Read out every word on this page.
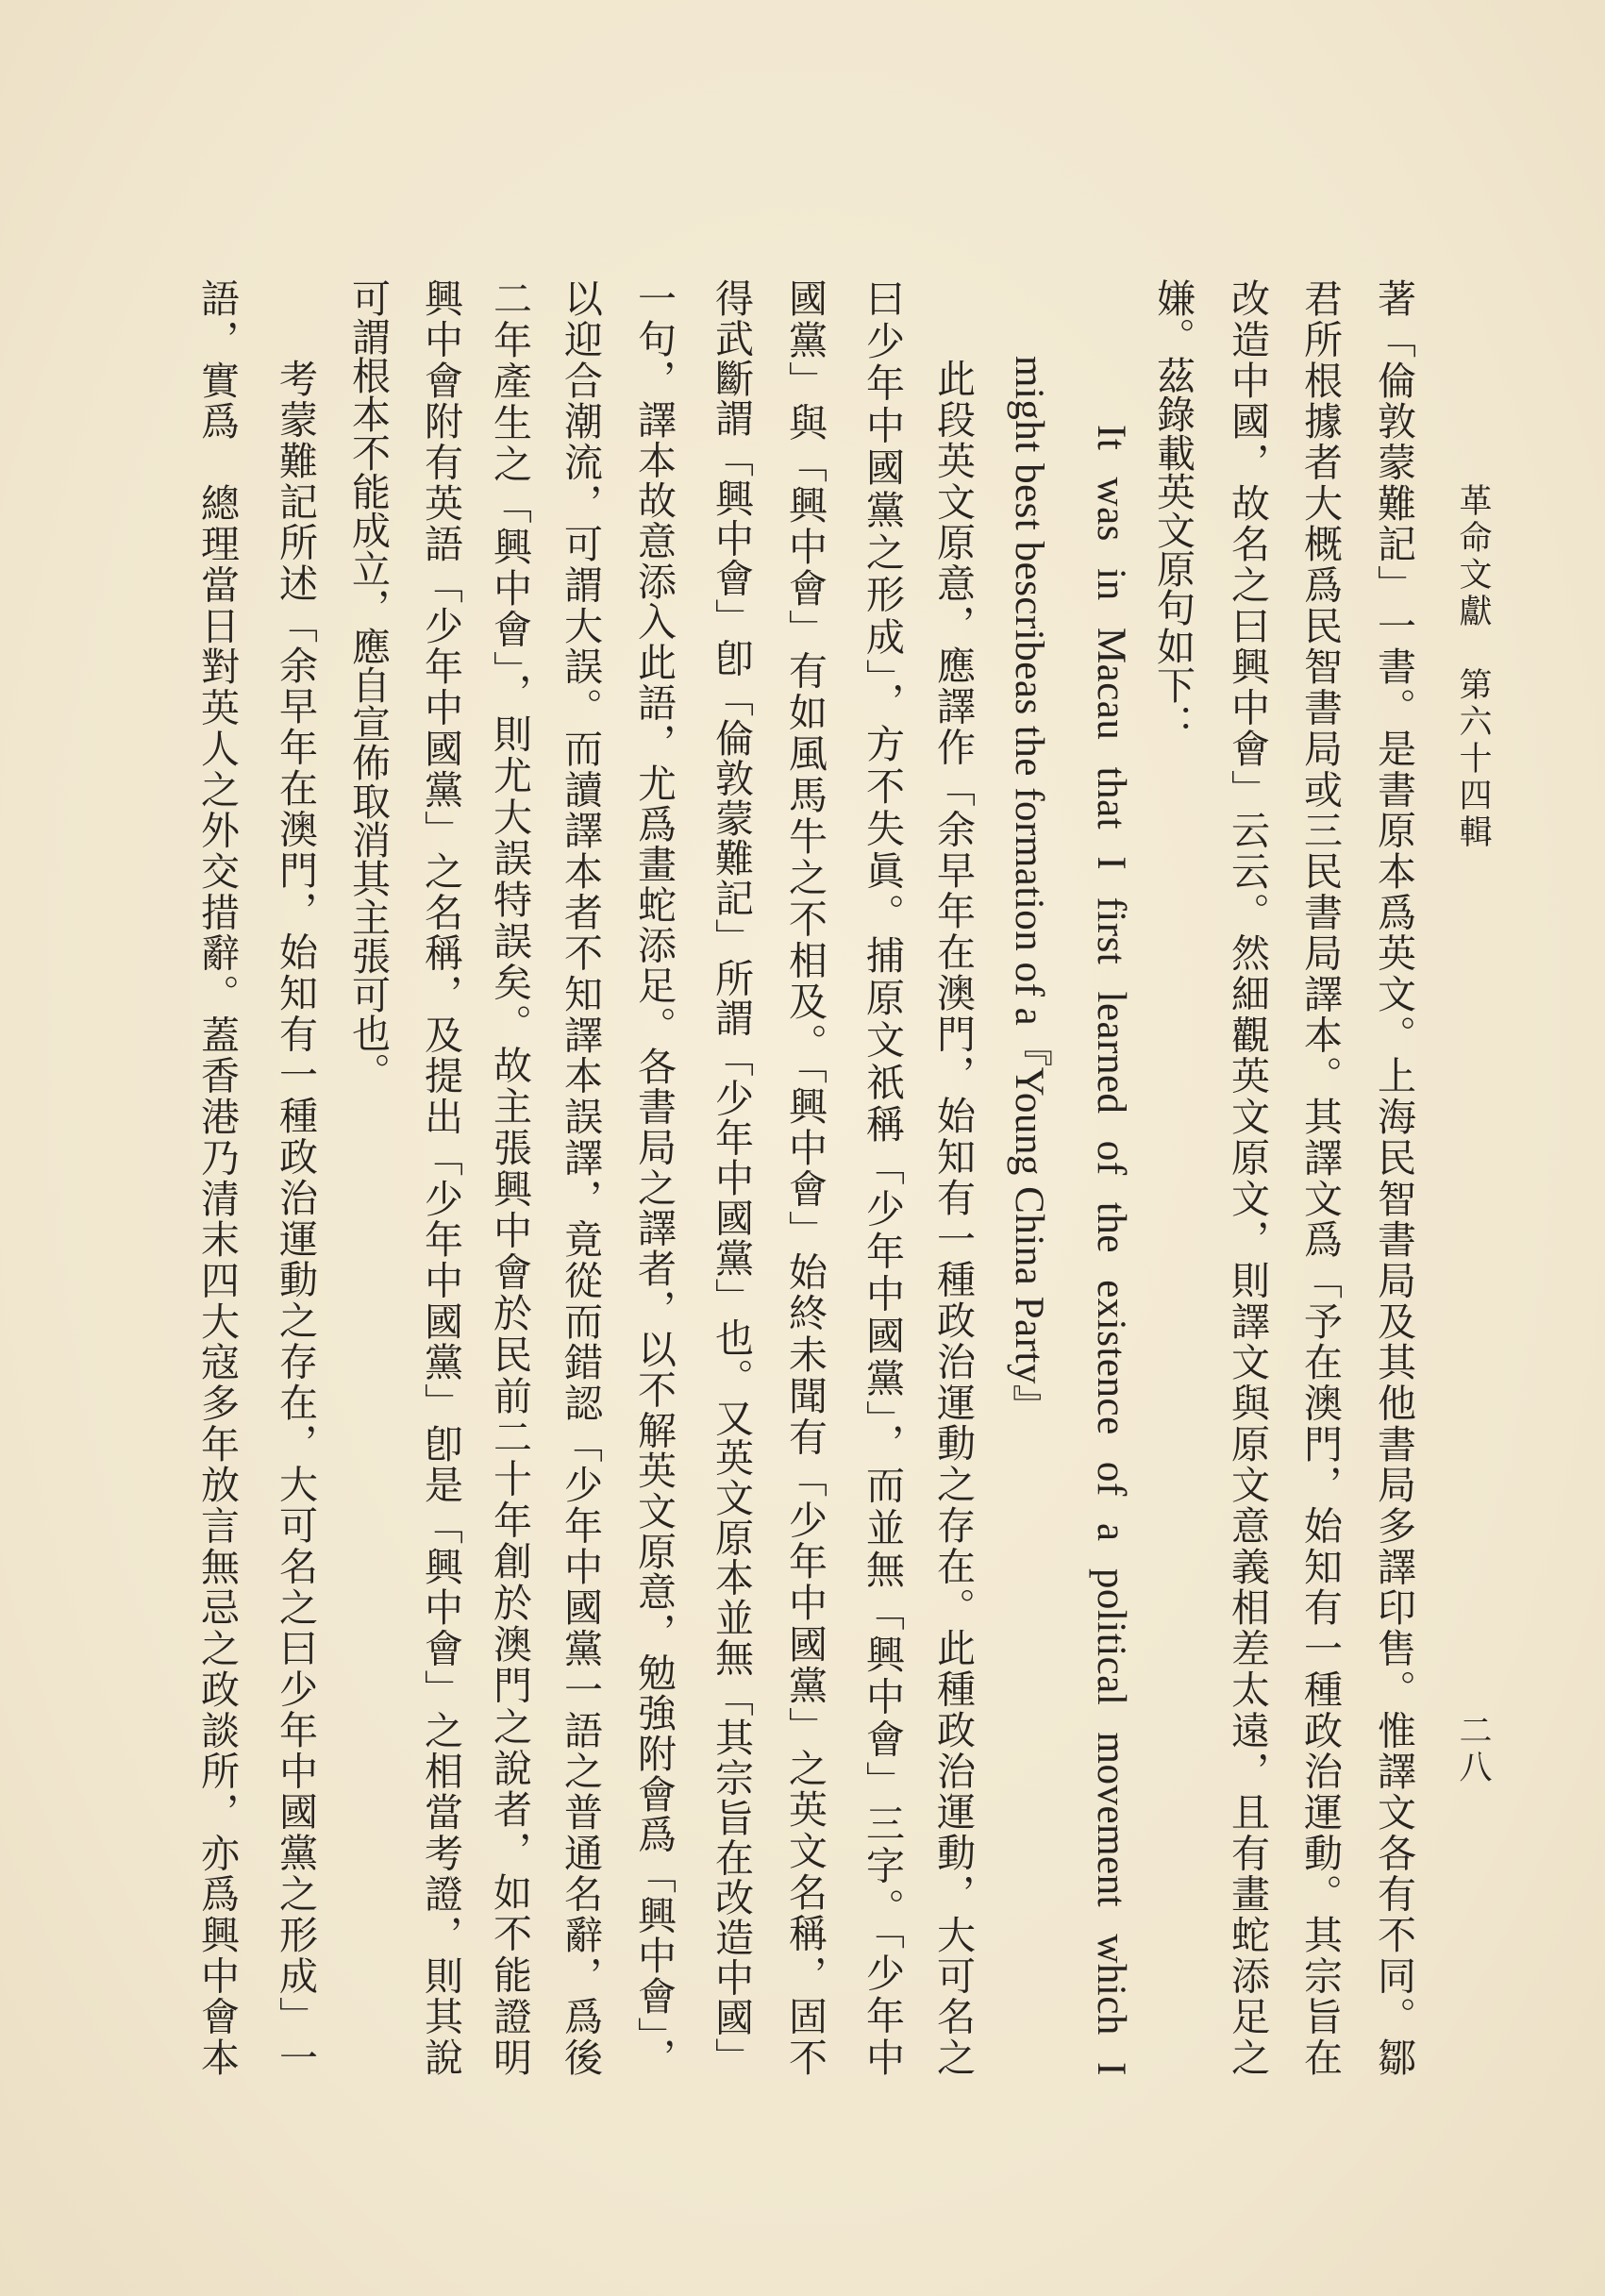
革命文獻　第六十四輯
二八
著「倫敦蒙難記」一書。是書原本爲英文。上海民智書局及其他書局多譯印售。惟譯文各有不同。鄒
君所根據者大概爲民智書局或三民書局譯本。其譯文爲「予在澳門，始知有一種政治運動。其宗旨在
改造中國，故名之曰興中會」云云。然細觀英文原文，則譯文與原文意義相差太遠，且有畫蛇添足之
嫌。茲錄載英文原句如下：
It was in Macau that I first learned of the existence of a political movement which I
might best bescribeas the formation of a『Young China Party』
此段英文原意，應譯作「余早年在澳門，始知有一種政治運動之存在。此種政治運動，大可名之
曰少年中國黨之形成」，方不失眞。捕原文祇稱「少年中國黨」，而並無「興中會」三字。「少年中
國黨」與「興中會」有如風馬牛之不相及。「興中會」始終未聞有「少年中國黨」之英文名稱，固不
得武斷謂「興中會」卽「倫敦蒙難記」所謂「少年中國黨」也。又英文原本並無「其宗旨在改造中國」
一句，譯本故意添入此語，尤爲畫蛇添足。各書局之譯者，以不解英文原意，勉強附會爲「興中會」，
以迎合潮流，可謂大誤。而讀譯本者不知譯本誤譯，竟從而錯認「少年中國黨一語之普通名辭，爲後
二年產生之「興中會」，則尤大誤特誤矣。故主張興中會於民前二十年創於澳門之說者，如不能證明
興中會附有英語「少年中國黨」之名稱，及提出「少年中國黨」卽是「興中會」之相當考證，則其說
可謂根本不能成立，應自宣佈取消其主張可也。
考蒙難記所述「余早年在澳門，始知有一種政治運動之存在，大可名之曰少年中國黨之形成」一
語，實爲　總理當日對英人之外交措辭。蓋香港乃清末四大寇多年放言無忌之政談所，亦爲興中會本
